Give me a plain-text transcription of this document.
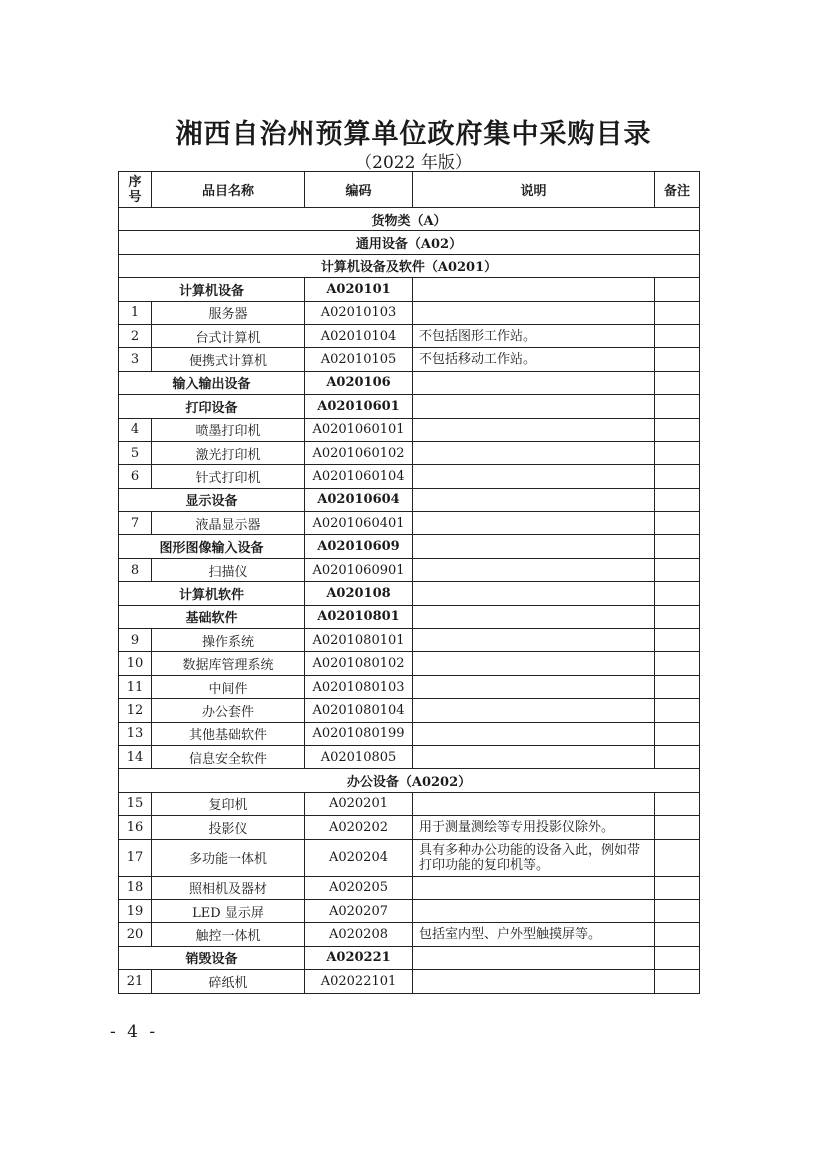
湘西自治州预算单位政府集中采购目录
（2022 年版）
序
号	品目名称	编码	说明	备注
货物类（A）				
通用设备（A02）				
计算机设备及软件（A0201）				
计算机设备		A020101		
1	服务器	A02010103		
2	台式计算机	A02010104	不包括图形工作站。	
3	便携式计算机	A02010105	不包括移动工作站。	
输入输出设备		A020106		
打印设备		A02010601		
4	喷墨打印机	A0201060101		
5	激光打印机	A0201060102		
6	针式打印机	A0201060104		
显示设备		A02010604		
7	液晶显示器	A0201060401		
图形图像输入设备		A02010609		
8	扫描仪	A0201060901		
计算机软件		A020108		
基础软件		A02010801		
9	操作系统	A0201080101		
10	数据库管理系统	A0201080102		
11	中间件	A0201080103		
12	办公套件	A0201080104		
13	其他基础软件	A0201080199		
14	信息安全软件	A02010805		
办公设备（A0202）				
15	复印机	A020201		
16	投影仪	A020202	用于测量测绘等专用投影仪除外。	
17	多功能一体机	A020204	具有多种办公功能的设备入此，例如带打印功能的复印机等。	
18	照相机及器材	A020205		
19	LED 显示屏	A020207		
20	触控一体机	A020208	包括室内型、户外型触摸屏等。	
销毁设备		A020221		
21	碎纸机	A02022101		
- 4 -
